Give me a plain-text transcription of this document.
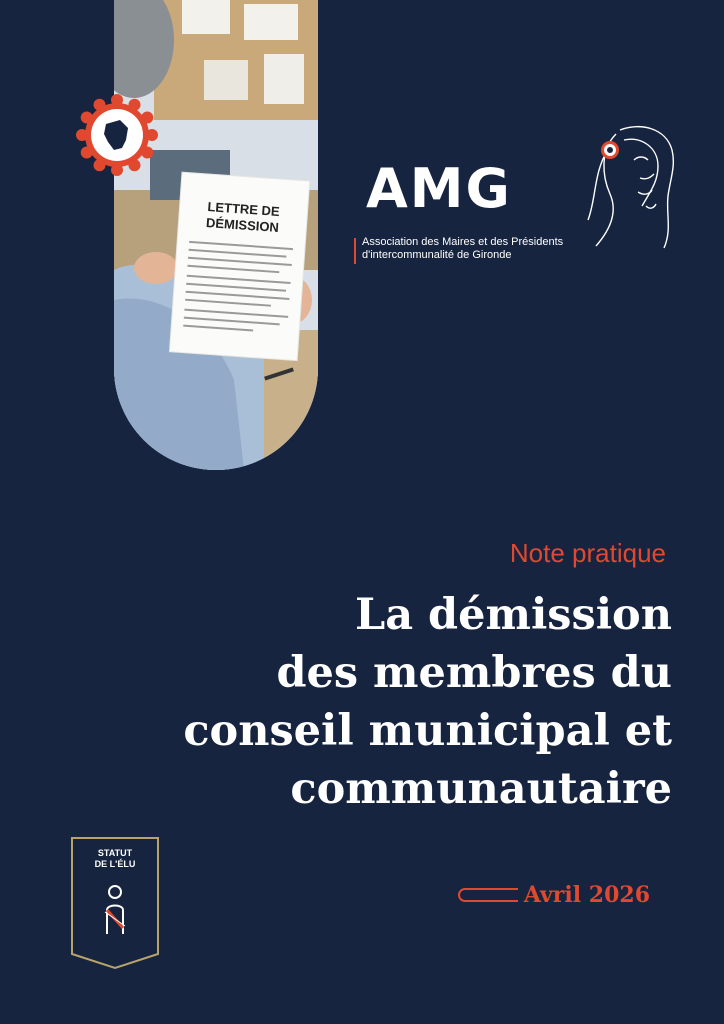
LETTRE DE
DÉMISSION
AMG
Association des Maires et des Présidents
d'intercommunalité de Gironde
Note pratique
La démission
des membres du
conseil municipal et
communautaire
Avril 2026
STATUT
DE L'ÉLU
